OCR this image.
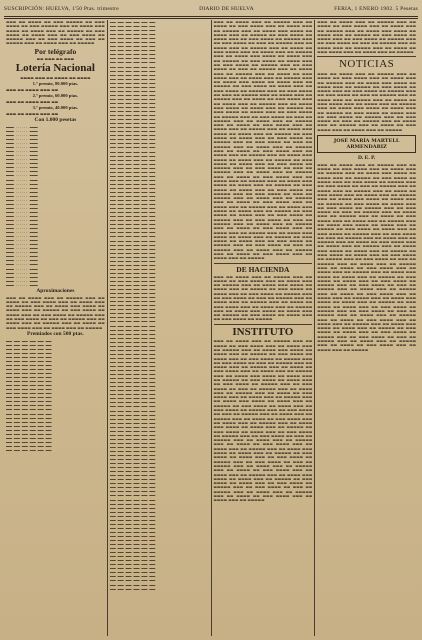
SUSCRIPCIÓN: HUELVA, 1'50 Ptas. trimestre	DIARIO DE HUELVA	FERIA, 1 ENERO 1902. 5 Pesetas
▬▬▬ ▬▬ ▬▬▬▬ ▬▬ ▬▬▬ ▬▬▬▬▬ ▬▬ ▬▬▬ ▬▬▬▬ ▬▬ ▬▬▬ ▬▬▬▬▬ ▬▬▬ ▬▬ ▬▬▬▬ ▬▬▬ ▬▬▬▬ ▬▬ ▬▬▬▬ ▬▬▬ ▬▬ ▬▬▬▬▬ ▬▬ ▬▬▬ ▬▬▬▬ ▬▬ ▬▬▬▬ ▬▬▬ ▬▬ ▬▬▬ ▬▬▬▬ ▬▬ ▬▬▬▬▬ ▬▬▬ ▬▬ ▬▬▬ ▬▬▬▬ ▬▬ ▬▬▬ ▬▬ ▬▬▬▬▬ ▬▬▬ ▬▬ ▬▬▬▬ ▬▬▬ ▬▬ ▬▬▬▬▬
Por telégrafo
▬▬ ▬▬▬ ▬▬ ▬▬▬
Lotería Nacional
▬▬▬▬ ▬▬▬ ▬▬ ▬▬▬▬ ▬▬ ▬▬▬▬
1.º premio, 80.000 ptas.
▬▬▬ ▬▬ ▬▬▬▬ ▬▬▬ ▬▬
2.º premio, 60.000 ptas.
▬▬▬ ▬▬ ▬▬▬▬ ▬▬▬ ▬▬
3.º premio, 40.000 ptas.
▬▬▬ ▬▬ ▬▬▬▬ ▬▬▬ ▬▬
Con 1.000 pesetas
▬▬▬▬ ...... ▬▬▬▬
▬▬▬▬ ...... ▬▬▬▬
▬▬▬▬ ...... ▬▬▬▬
▬▬▬▬ ...... ▬▬▬▬
▬▬▬▬ ...... ▬▬▬▬
▬▬▬▬ ...... ▬▬▬▬
▬▬▬▬ ...... ▬▬▬▬
▬▬▬▬ ...... ▬▬▬▬
▬▬▬▬ ...... ▬▬▬▬
▬▬▬▬ ...... ▬▬▬▬
▬▬▬▬ ...... ▬▬▬▬
▬▬▬▬ ...... ▬▬▬▬
▬▬▬▬ ...... ▬▬▬▬
▬▬▬▬ ...... ▬▬▬▬
▬▬▬▬ ...... ▬▬▬▬
▬▬▬▬ ...... ▬▬▬▬
▬▬▬▬ ...... ▬▬▬▬
▬▬▬▬ ...... ▬▬▬▬
▬▬▬▬ ...... ▬▬▬▬
▬▬▬▬ ...... ▬▬▬▬
▬▬▬▬ ...... ▬▬▬▬
▬▬▬▬ ...... ▬▬▬▬
▬▬▬▬ ...... ▬▬▬▬
▬▬▬▬ ...... ▬▬▬▬
▬▬▬▬ ...... ▬▬▬▬
▬▬▬▬ ...... ▬▬▬▬
▬▬▬▬ ...... ▬▬▬▬
▬▬▬▬ ...... ▬▬▬▬
▬▬▬▬ ...... ▬▬▬▬
▬▬▬▬ ...... ▬▬▬▬
▬▬▬▬ ...... ▬▬▬▬
▬▬▬▬ ...... ▬▬▬▬
▬▬▬▬ ...... ▬▬▬▬
▬▬▬▬ ...... ▬▬▬▬
▬▬▬▬ ...... ▬▬▬▬
▬▬▬▬ ...... ▬▬▬▬
▬▬▬▬ ...... ▬▬▬▬
▬▬▬▬ ...... ▬▬▬▬
▬▬▬▬ ...... ▬▬▬▬
▬▬▬▬ ...... ▬▬▬▬
Aproximaciones
▬▬▬ ▬▬ ▬▬▬▬ ▬▬▬ ▬▬ ▬▬▬▬▬ ▬▬▬ ▬▬ ▬▬▬▬ ▬▬ ▬▬▬ ▬▬▬▬ ▬▬▬ ▬▬ ▬▬▬▬ ▬▬▬ ▬▬ ▬▬▬▬▬ ▬▬▬ ▬▬ ▬▬▬▬ ▬▬▬ ▬▬▬▬ ▬▬ ▬▬▬▬ ▬▬▬ ▬▬ ▬▬▬▬▬ ▬▬ ▬▬▬ ▬▬▬▬ ▬▬ ▬▬▬▬ ▬▬▬ ▬▬ ▬▬▬ ▬▬▬▬ ▬▬ ▬▬▬▬▬ ▬▬▬ ▬▬ ▬▬▬ ▬▬▬▬ ▬▬ ▬▬▬ ▬▬ ▬▬▬▬▬ ▬▬▬ ▬▬ ▬▬▬▬ ▬▬▬ ▬▬ ▬▬▬▬▬ ▬▬▬ ▬▬ ▬▬▬▬ ▬▬ ▬▬▬ ▬▬▬▬ ▬▬▬ ▬▬ ▬▬▬▬ ▬▬▬ ▬▬ ▬▬▬▬▬
Premiados con 500 ptas.
▬▬▬ ▬▬▬ ▬▬▬ ▬▬▬ ▬▬▬ ▬▬▬
▬▬▬ ▬▬▬ ▬▬▬ ▬▬▬ ▬▬▬ ▬▬▬
▬▬▬ ▬▬▬ ▬▬▬ ▬▬▬ ▬▬▬ ▬▬▬
▬▬▬ ▬▬▬ ▬▬▬ ▬▬▬ ▬▬▬ ▬▬▬
▬▬▬ ▬▬▬ ▬▬▬ ▬▬▬ ▬▬▬ ▬▬▬
▬▬▬ ▬▬▬ ▬▬▬ ▬▬▬ ▬▬▬ ▬▬▬
▬▬▬ ▬▬▬ ▬▬▬ ▬▬▬ ▬▬▬ ▬▬▬
▬▬▬ ▬▬▬ ▬▬▬ ▬▬▬ ▬▬▬ ▬▬▬
▬▬▬ ▬▬▬ ▬▬▬ ▬▬▬ ▬▬▬ ▬▬▬
▬▬▬ ▬▬▬ ▬▬▬ ▬▬▬ ▬▬▬ ▬▬▬
▬▬▬ ▬▬▬ ▬▬▬ ▬▬▬ ▬▬▬ ▬▬▬
▬▬▬ ▬▬▬ ▬▬▬ ▬▬▬ ▬▬▬ ▬▬▬
▬▬▬ ▬▬▬ ▬▬▬ ▬▬▬ ▬▬▬ ▬▬▬
▬▬▬ ▬▬▬ ▬▬▬ ▬▬▬ ▬▬▬ ▬▬▬
▬▬▬ ▬▬▬ ▬▬▬ ▬▬▬ ▬▬▬ ▬▬▬
▬▬▬ ▬▬▬ ▬▬▬ ▬▬▬ ▬▬▬ ▬▬▬
▬▬▬ ▬▬▬ ▬▬▬ ▬▬▬ ▬▬▬ ▬▬▬
▬▬▬ ▬▬▬ ▬▬▬ ▬▬▬ ▬▬▬ ▬▬▬
▬▬▬ ▬▬▬ ▬▬▬ ▬▬▬ ▬▬▬ ▬▬▬
▬▬▬ ▬▬▬ ▬▬▬ ▬▬▬ ▬▬▬ ▬▬▬
▬▬▬ ▬▬▬ ▬▬▬ ▬▬▬ ▬▬▬ ▬▬▬
▬▬▬ ▬▬▬ ▬▬▬ ▬▬▬ ▬▬▬ ▬▬▬
▬▬▬ ▬▬▬ ▬▬▬ ▬▬▬ ▬▬▬ ▬▬▬
▬▬▬ ▬▬▬ ▬▬▬ ▬▬▬ ▬▬▬ ▬▬▬
▬▬▬ ▬▬▬ ▬▬▬ ▬▬▬ ▬▬▬ ▬▬▬
▬▬▬ ▬▬▬ ▬▬▬ ▬▬▬ ▬▬▬ ▬▬▬
▬▬▬ ▬▬▬ ▬▬▬ ▬▬▬ ▬▬▬ ▬▬▬
▬▬▬ ▬▬▬ ▬▬▬ ▬▬▬ ▬▬▬ ▬▬▬
▬▬▬ ▬▬▬ ▬▬▬ ▬▬▬ ▬▬▬ ▬▬▬
▬▬▬ ▬▬▬ ▬▬▬ ▬▬▬ ▬▬▬ ▬▬▬
▬▬▬ ▬▬▬ ▬▬▬ ▬▬▬ ▬▬▬ ▬▬▬
▬▬▬ ▬▬▬ ▬▬▬ ▬▬▬ ▬▬▬ ▬▬▬
▬▬▬ ▬▬▬ ▬▬▬ ▬▬▬ ▬▬▬ ▬▬▬
▬▬▬ ▬▬▬ ▬▬▬ ▬▬▬ ▬▬▬ ▬▬▬
▬▬▬ ▬▬▬ ▬▬▬ ▬▬▬ ▬▬▬ ▬▬▬
▬▬▬ ▬▬▬ ▬▬▬ ▬▬▬ ▬▬▬ ▬▬▬
▬▬▬ ▬▬▬ ▬▬▬ ▬▬▬ ▬▬▬ ▬▬▬
▬▬▬ ▬▬▬ ▬▬▬ ▬▬▬ ▬▬▬ ▬▬▬
▬▬▬ ▬▬▬ ▬▬▬ ▬▬▬ ▬▬▬ ▬▬▬
▬▬▬ ▬▬▬ ▬▬▬ ▬▬▬ ▬▬▬ ▬▬▬
▬▬▬ ▬▬▬ ▬▬▬ ▬▬▬ ▬▬▬ ▬▬▬
▬▬▬ ▬▬▬ ▬▬▬ ▬▬▬ ▬▬▬ ▬▬▬
▬▬▬ ▬▬▬ ▬▬▬ ▬▬▬ ▬▬▬ ▬▬▬
▬▬▬ ▬▬▬ ▬▬▬ ▬▬▬ ▬▬▬ ▬▬▬
▬▬▬ ▬▬▬ ▬▬▬ ▬▬▬ ▬▬▬ ▬▬▬
▬▬▬ ▬▬▬ ▬▬▬ ▬▬▬ ▬▬▬ ▬▬▬
▬▬▬ ▬▬▬ ▬▬▬ ▬▬▬ ▬▬▬ ▬▬▬
▬▬▬ ▬▬▬ ▬▬▬ ▬▬▬ ▬▬▬ ▬▬▬
▬▬▬ ▬▬▬ ▬▬▬ ▬▬▬ ▬▬▬ ▬▬▬
▬▬▬ ▬▬▬ ▬▬▬ ▬▬▬ ▬▬▬ ▬▬▬
▬▬▬ ▬▬▬ ▬▬▬ ▬▬▬ ▬▬▬ ▬▬▬
▬▬▬ ▬▬▬ ▬▬▬ ▬▬▬ ▬▬▬ ▬▬▬
▬▬▬ ▬▬▬ ▬▬▬ ▬▬▬ ▬▬▬ ▬▬▬
▬▬▬ ▬▬▬ ▬▬▬ ▬▬▬ ▬▬▬ ▬▬▬
▬▬▬ ▬▬▬ ▬▬▬ ▬▬▬ ▬▬▬ ▬▬▬
▬▬▬ ▬▬▬ ▬▬▬ ▬▬▬ ▬▬▬ ▬▬▬
▬▬▬ ▬▬▬ ▬▬▬ ▬▬▬ ▬▬▬ ▬▬▬
▬▬▬ ▬▬▬ ▬▬▬ ▬▬▬ ▬▬▬ ▬▬▬
▬▬▬ ▬▬▬ ▬▬▬ ▬▬▬ ▬▬▬ ▬▬▬
▬▬▬ ▬▬▬ ▬▬▬ ▬▬▬ ▬▬▬ ▬▬▬
▬▬▬ ▬▬▬ ▬▬▬ ▬▬▬ ▬▬▬ ▬▬▬
▬▬▬ ▬▬▬ ▬▬▬ ▬▬▬ ▬▬▬ ▬▬▬
▬▬▬ ▬▬▬ ▬▬▬ ▬▬▬ ▬▬▬ ▬▬▬
▬▬▬ ▬▬▬ ▬▬▬ ▬▬▬ ▬▬▬ ▬▬▬
▬▬▬ ▬▬▬ ▬▬▬ ▬▬▬ ▬▬▬ ▬▬▬
▬▬▬ ▬▬▬ ▬▬▬ ▬▬▬ ▬▬▬ ▬▬▬
▬▬▬ ▬▬▬ ▬▬▬ ▬▬▬ ▬▬▬ ▬▬▬
▬▬▬ ▬▬▬ ▬▬▬ ▬▬▬ ▬▬▬ ▬▬▬
▬▬▬ ▬▬▬ ▬▬▬ ▬▬▬ ▬▬▬ ▬▬▬
▬▬▬ ▬▬▬ ▬▬▬ ▬▬▬ ▬▬▬ ▬▬▬
▬▬▬ ▬▬▬ ▬▬▬ ▬▬▬ ▬▬▬ ▬▬▬
▬▬▬ ▬▬▬ ▬▬▬ ▬▬▬ ▬▬▬ ▬▬▬
▬▬▬ ▬▬▬ ▬▬▬ ▬▬▬ ▬▬▬ ▬▬▬
▬▬▬ ▬▬▬ ▬▬▬ ▬▬▬ ▬▬▬ ▬▬▬
▬▬▬ ▬▬▬ ▬▬▬ ▬▬▬ ▬▬▬ ▬▬▬
▬▬▬ ▬▬▬ ▬▬▬ ▬▬▬ ▬▬▬ ▬▬▬
▬▬▬ ▬▬▬ ▬▬▬ ▬▬▬ ▬▬▬ ▬▬▬
▬▬▬ ▬▬▬ ▬▬▬ ▬▬▬ ▬▬▬ ▬▬▬
▬▬▬ ▬▬▬ ▬▬▬ ▬▬▬ ▬▬▬ ▬▬▬
▬▬▬ ▬▬▬ ▬▬▬ ▬▬▬ ▬▬▬ ▬▬▬
▬▬▬ ▬▬▬ ▬▬▬ ▬▬▬ ▬▬▬ ▬▬▬
▬▬▬ ▬▬▬ ▬▬▬ ▬▬▬ ▬▬▬ ▬▬▬
▬▬▬ ▬▬▬ ▬▬▬ ▬▬▬ ▬▬▬ ▬▬▬
▬▬▬ ▬▬▬ ▬▬▬ ▬▬▬ ▬▬▬ ▬▬▬
▬▬▬ ▬▬▬ ▬▬▬ ▬▬▬ ▬▬▬ ▬▬▬
▬▬▬ ▬▬▬ ▬▬▬ ▬▬▬ ▬▬▬ ▬▬▬
▬▬▬ ▬▬▬ ▬▬▬ ▬▬▬ ▬▬▬ ▬▬▬
▬▬▬ ▬▬▬ ▬▬▬ ▬▬▬ ▬▬▬ ▬▬▬
▬▬▬ ▬▬▬ ▬▬▬ ▬▬▬ ▬▬▬ ▬▬▬
▬▬▬ ▬▬▬ ▬▬▬ ▬▬▬ ▬▬▬ ▬▬▬
▬▬▬ ▬▬▬ ▬▬▬ ▬▬▬ ▬▬▬ ▬▬▬
▬▬▬ ▬▬▬ ▬▬▬ ▬▬▬ ▬▬▬ ▬▬▬
▬▬▬ ▬▬▬ ▬▬▬ ▬▬▬ ▬▬▬ ▬▬▬
▬▬▬ ▬▬▬ ▬▬▬ ▬▬▬ ▬▬▬ ▬▬▬
▬▬▬ ▬▬▬ ▬▬▬ ▬▬▬ ▬▬▬ ▬▬▬
▬▬▬ ▬▬▬ ▬▬▬ ▬▬▬ ▬▬▬ ▬▬▬
▬▬▬ ▬▬▬ ▬▬▬ ▬▬▬ ▬▬▬ ▬▬▬
▬▬▬ ▬▬▬ ▬▬▬ ▬▬▬ ▬▬▬ ▬▬▬
▬▬▬ ▬▬▬ ▬▬▬ ▬▬▬ ▬▬▬ ▬▬▬
▬▬▬ ▬▬▬ ▬▬▬ ▬▬▬ ▬▬▬ ▬▬▬
▬▬▬ ▬▬▬ ▬▬▬ ▬▬▬ ▬▬▬ ▬▬▬
▬▬▬ ▬▬▬ ▬▬▬ ▬▬▬ ▬▬▬ ▬▬▬
▬▬▬ ▬▬▬ ▬▬▬ ▬▬▬ ▬▬▬ ▬▬▬
▬▬▬ ▬▬▬ ▬▬▬ ▬▬▬ ▬▬▬ ▬▬▬
▬▬▬ ▬▬▬ ▬▬▬ ▬▬▬ ▬▬▬ ▬▬▬
▬▬▬ ▬▬▬ ▬▬▬ ▬▬▬ ▬▬▬ ▬▬▬
▬▬▬ ▬▬▬ ▬▬▬ ▬▬▬ ▬▬▬ ▬▬▬
▬▬▬ ▬▬▬ ▬▬▬ ▬▬▬ ▬▬▬ ▬▬▬
▬▬▬ ▬▬▬ ▬▬▬ ▬▬▬ ▬▬▬ ▬▬▬
▬▬▬ ▬▬▬ ▬▬▬ ▬▬▬ ▬▬▬ ▬▬▬
▬▬▬ ▬▬▬ ▬▬▬ ▬▬▬ ▬▬▬ ▬▬▬
▬▬▬ ▬▬▬ ▬▬▬ ▬▬▬ ▬▬▬ ▬▬▬
▬▬▬ ▬▬▬ ▬▬▬ ▬▬▬ ▬▬▬ ▬▬▬
▬▬▬ ▬▬▬ ▬▬▬ ▬▬▬ ▬▬▬ ▬▬▬
▬▬▬ ▬▬▬ ▬▬▬ ▬▬▬ ▬▬▬ ▬▬▬
▬▬▬ ▬▬▬ ▬▬▬ ▬▬▬ ▬▬▬ ▬▬▬
▬▬▬ ▬▬▬ ▬▬▬ ▬▬▬ ▬▬▬ ▬▬▬
▬▬▬ ▬▬▬ ▬▬▬ ▬▬▬ ▬▬▬ ▬▬▬
▬▬▬ ▬▬▬ ▬▬▬ ▬▬▬ ▬▬▬ ▬▬▬
▬▬▬ ▬▬▬ ▬▬▬ ▬▬▬ ▬▬▬ ▬▬▬
▬▬▬ ▬▬▬ ▬▬▬ ▬▬▬ ▬▬▬ ▬▬▬
▬▬▬ ▬▬▬ ▬▬▬ ▬▬▬ ▬▬▬ ▬▬▬
▬▬▬ ▬▬▬ ▬▬▬ ▬▬▬ ▬▬▬ ▬▬▬
▬▬▬ ▬▬▬ ▬▬▬ ▬▬▬ ▬▬▬ ▬▬▬
▬▬▬ ▬▬▬ ▬▬▬ ▬▬▬ ▬▬▬ ▬▬▬
▬▬▬ ▬▬▬ ▬▬▬ ▬▬▬ ▬▬▬ ▬▬▬
▬▬▬ ▬▬▬ ▬▬▬ ▬▬▬ ▬▬▬ ▬▬▬
▬▬▬ ▬▬▬ ▬▬▬ ▬▬▬ ▬▬▬ ▬▬▬
▬▬▬ ▬▬▬ ▬▬▬ ▬▬▬ ▬▬▬ ▬▬▬
▬▬▬ ▬▬▬ ▬▬▬ ▬▬▬ ▬▬▬ ▬▬▬
▬▬▬ ▬▬▬ ▬▬▬ ▬▬▬ ▬▬▬ ▬▬▬
▬▬▬ ▬▬▬ ▬▬▬ ▬▬▬ ▬▬▬ ▬▬▬
▬▬▬ ▬▬▬ ▬▬▬ ▬▬▬ ▬▬▬ ▬▬▬
▬▬▬ ▬▬▬ ▬▬▬ ▬▬▬ ▬▬▬ ▬▬▬
▬▬▬ ▬▬▬ ▬▬▬ ▬▬▬ ▬▬▬ ▬▬▬
▬▬▬ ▬▬▬ ▬▬▬ ▬▬▬ ▬▬▬ ▬▬▬
▬▬▬ ▬▬▬ ▬▬▬ ▬▬▬ ▬▬▬ ▬▬▬
▬▬▬ ▬▬▬ ▬▬▬ ▬▬▬ ▬▬▬ ▬▬▬
▬▬▬ ▬▬▬ ▬▬▬ ▬▬▬ ▬▬▬ ▬▬▬
▬▬▬ ▬▬▬ ▬▬▬ ▬▬▬ ▬▬▬ ▬▬▬
▬▬▬ ▬▬▬ ▬▬▬ ▬▬▬ ▬▬▬ ▬▬▬
▬▬▬ ▬▬▬ ▬▬▬ ▬▬▬ ▬▬▬ ▬▬▬
▬▬▬ ▬▬▬ ▬▬▬ ▬▬▬ ▬▬▬ ▬▬▬
▬▬▬ ▬▬▬ ▬▬▬ ▬▬▬ ▬▬▬ ▬▬▬
▬▬▬ ▬▬▬ ▬▬▬ ▬▬▬ ▬▬▬ ▬▬▬
▬▬▬ ▬▬▬ ▬▬▬ ▬▬▬ ▬▬▬ ▬▬▬
▬▬▬ ▬▬▬ ▬▬▬ ▬▬▬ ▬▬▬ ▬▬▬
▬▬▬ ▬▬▬ ▬▬▬ ▬▬▬ ▬▬▬ ▬▬▬
▬▬▬ ▬▬▬ ▬▬▬ ▬▬▬ ▬▬▬ ▬▬▬
▬▬▬ ▬▬▬ ▬▬▬ ▬▬▬ ▬▬▬ ▬▬▬
▬▬▬ ▬▬▬ ▬▬▬ ▬▬▬ ▬▬▬ ▬▬▬
▬▬▬ ▬▬▬ ▬▬▬ ▬▬▬ ▬▬▬ ▬▬▬
▬▬▬ ▬▬▬ ▬▬▬ ▬▬▬ ▬▬▬ ▬▬▬
▬▬▬ ▬▬▬ ▬▬▬ ▬▬▬ ▬▬▬ ▬▬▬
▬▬▬ ▬▬▬ ▬▬▬ ▬▬▬ ▬▬▬ ▬▬▬
▬▬▬ ▬▬▬ ▬▬▬ ▬▬▬ ▬▬▬ ▬▬▬
▬▬▬ ▬▬▬ ▬▬▬ ▬▬▬ ▬▬▬ ▬▬▬
▬▬▬ ▬▬▬ ▬▬▬ ▬▬▬ ▬▬▬ ▬▬▬
▬▬▬ ▬▬▬ ▬▬▬ ▬▬▬ ▬▬▬ ▬▬▬
▬▬▬ ▬▬▬ ▬▬▬ ▬▬▬ ▬▬▬ ▬▬▬
▬▬▬ ▬▬▬ ▬▬▬ ▬▬▬ ▬▬▬ ▬▬▬
▬▬▬ ▬▬▬ ▬▬▬ ▬▬▬ ▬▬▬ ▬▬▬
▬▬▬ ▬▬▬ ▬▬▬ ▬▬▬ ▬▬▬ ▬▬▬
▬▬▬ ▬▬▬ ▬▬▬ ▬▬▬ ▬▬▬ ▬▬▬
▬▬▬ ▬▬▬ ▬▬▬ ▬▬▬ ▬▬▬ ▬▬▬
▬▬▬ ▬▬▬ ▬▬▬ ▬▬▬ ▬▬▬ ▬▬▬
▬▬▬ ▬▬▬ ▬▬▬ ▬▬▬ ▬▬▬ ▬▬▬
▬▬▬ ▬▬▬ ▬▬▬ ▬▬▬ ▬▬▬ ▬▬▬
▬▬▬ ▬▬▬ ▬▬▬ ▬▬▬ ▬▬▬ ▬▬▬
▬▬▬ ▬▬ ▬▬▬▬ ▬▬▬ ▬▬ ▬▬▬▬▬ ▬▬▬ ▬▬ ▬▬▬▬ ▬▬ ▬▬▬ ▬▬▬▬ ▬▬▬ ▬▬ ▬▬▬▬ ▬▬▬ ▬▬ ▬▬▬▬▬ ▬▬▬ ▬▬ ▬▬▬▬ ▬▬▬ ▬▬▬▬ ▬▬ ▬▬▬▬ ▬▬▬ ▬▬ ▬▬▬▬▬ ▬▬ ▬▬▬ ▬▬▬▬ ▬▬ ▬▬▬▬ ▬▬▬ ▬▬ ▬▬▬ ▬▬▬▬ ▬▬ ▬▬▬▬▬ ▬▬▬ ▬▬ ▬▬▬ ▬▬▬▬ ▬▬ ▬▬▬ ▬▬ ▬▬▬▬▬ ▬▬▬ ▬▬ ▬▬▬▬ ▬▬▬ ▬▬ ▬▬▬▬▬ ▬▬▬ ▬▬ ▬▬▬▬ ▬▬ ▬▬▬ ▬▬▬▬ ▬▬▬ ▬▬ ▬▬▬▬ ▬▬▬ ▬▬ ▬▬▬▬▬ ▬▬▬ ▬▬ ▬▬▬▬ ▬▬▬ ▬▬▬▬ ▬▬ ▬▬▬▬ ▬▬▬ ▬▬ ▬▬▬▬▬ ▬▬ ▬▬▬ ▬▬▬▬ ▬▬ ▬▬▬▬ ▬▬▬ ▬▬ ▬▬▬ ▬▬▬▬ ▬▬ ▬▬▬▬▬ ▬▬▬ ▬▬ ▬▬▬ ▬▬▬▬ ▬▬ ▬▬▬ ▬▬ ▬▬▬▬▬ ▬▬▬ ▬▬ ▬▬▬▬ ▬▬▬ ▬▬ ▬▬▬▬▬ ▬▬▬ ▬▬ ▬▬▬▬ ▬▬ ▬▬▬ ▬▬▬▬ ▬▬▬ ▬▬ ▬▬▬▬ ▬▬▬ ▬▬ ▬▬▬▬▬ ▬▬▬ ▬▬ ▬▬▬▬ ▬▬▬ ▬▬▬▬ ▬▬ ▬▬▬▬ ▬▬▬ ▬▬ ▬▬▬▬▬ ▬▬ ▬▬▬ ▬▬▬▬ ▬▬ ▬▬▬▬ ▬▬▬ ▬▬ ▬▬▬ ▬▬▬▬ ▬▬ ▬▬▬▬▬ ▬▬▬ ▬▬ ▬▬▬ ▬▬▬▬ ▬▬ ▬▬▬ ▬▬ ▬▬▬▬▬ ▬▬▬ ▬▬ ▬▬▬▬ ▬▬▬ ▬▬ ▬▬▬▬▬ ▬▬▬ ▬▬ ▬▬▬▬ ▬▬ ▬▬▬ ▬▬▬▬ ▬▬▬ ▬▬ ▬▬▬▬ ▬▬▬ ▬▬ ▬▬▬▬▬ ▬▬▬ ▬▬ ▬▬▬▬ ▬▬▬ ▬▬▬▬ ▬▬ ▬▬▬▬ ▬▬▬ ▬▬ ▬▬▬▬▬ ▬▬ ▬▬▬ ▬▬▬▬ ▬▬ ▬▬▬▬ ▬▬▬ ▬▬ ▬▬▬ ▬▬▬▬ ▬▬ ▬▬▬▬▬ ▬▬▬ ▬▬ ▬▬▬ ▬▬▬▬ ▬▬ ▬▬▬ ▬▬ ▬▬▬▬▬ ▬▬▬ ▬▬ ▬▬▬▬ ▬▬▬ ▬▬ ▬▬▬▬▬ ▬▬▬ ▬▬ ▬▬▬▬ ▬▬ ▬▬▬ ▬▬▬▬ ▬▬▬ ▬▬ ▬▬▬▬ ▬▬▬ ▬▬ ▬▬▬▬▬ ▬▬▬ ▬▬ ▬▬▬▬ ▬▬▬ ▬▬▬▬ ▬▬ ▬▬▬▬ ▬▬▬ ▬▬ ▬▬▬▬▬ ▬▬ ▬▬▬ ▬▬▬▬ ▬▬ ▬▬▬▬ ▬▬▬ ▬▬ ▬▬▬ ▬▬▬▬ ▬▬ ▬▬▬▬▬ ▬▬▬ ▬▬ ▬▬▬ ▬▬▬▬ ▬▬ ▬▬▬ ▬▬ ▬▬▬▬▬ ▬▬▬ ▬▬ ▬▬▬▬ ▬▬▬ ▬▬ ▬▬▬▬▬ ▬▬▬ ▬▬ ▬▬▬▬ ▬▬ ▬▬▬ ▬▬▬▬ ▬▬▬ ▬▬ ▬▬▬▬ ▬▬▬ ▬▬ ▬▬▬▬▬ ▬▬▬ ▬▬ ▬▬▬▬ ▬▬▬ ▬▬▬▬ ▬▬ ▬▬▬▬ ▬▬▬ ▬▬ ▬▬▬▬▬ ▬▬ ▬▬▬ ▬▬▬▬ ▬▬ ▬▬▬▬ ▬▬▬ ▬▬ ▬▬▬ ▬▬▬▬ ▬▬ ▬▬▬▬▬ ▬▬▬ ▬▬ ▬▬▬ ▬▬▬▬ ▬▬ ▬▬▬ ▬▬ ▬▬▬▬▬ ▬▬▬ ▬▬ ▬▬▬▬ ▬▬▬ ▬▬ ▬▬▬▬▬ ▬▬▬ ▬▬ ▬▬▬▬ ▬▬ ▬▬▬ ▬▬▬▬ ▬▬▬ ▬▬ ▬▬▬▬ ▬▬▬ ▬▬ ▬▬▬▬▬ ▬▬▬ ▬▬ ▬▬▬▬ ▬▬▬ ▬▬▬▬ ▬▬ ▬▬▬▬ ▬▬▬ ▬▬ ▬▬▬▬▬ ▬▬ ▬▬▬ ▬▬▬▬ ▬▬ ▬▬▬▬ ▬▬▬ ▬▬ ▬▬▬ ▬▬▬▬ ▬▬ ▬▬▬▬▬ ▬▬▬ ▬▬ ▬▬▬ ▬▬▬▬ ▬▬ ▬▬▬ ▬▬ ▬▬▬▬▬ ▬▬▬ ▬▬ ▬▬▬▬ ▬▬▬ ▬▬ ▬▬▬▬▬ ▬▬▬ ▬▬ ▬▬▬▬ ▬▬ ▬▬▬ ▬▬▬▬ ▬▬▬ ▬▬ ▬▬▬▬ ▬▬▬ ▬▬ ▬▬▬▬▬ ▬▬▬ ▬▬ ▬▬▬▬ ▬▬▬ ▬▬▬▬ ▬▬ ▬▬▬▬ ▬▬▬ ▬▬ ▬▬▬▬▬ ▬▬ ▬▬▬ ▬▬▬▬ ▬▬ ▬▬▬▬ ▬▬▬ ▬▬ ▬▬▬ ▬▬▬▬ ▬▬ ▬▬▬▬▬ ▬▬▬ ▬▬ ▬▬▬ ▬▬▬▬ ▬▬ ▬▬▬ ▬▬ ▬▬▬▬▬ ▬▬▬ ▬▬ ▬▬▬▬ ▬▬▬ ▬▬ ▬▬▬▬▬ ▬▬▬ ▬▬ ▬▬▬▬ ▬▬ ▬▬▬ ▬▬▬▬ ▬▬▬ ▬▬ ▬▬▬▬ ▬▬▬ ▬▬ ▬▬▬▬▬ ▬▬▬ ▬▬ ▬▬▬▬ ▬▬▬ ▬▬▬▬ ▬▬ ▬▬▬▬ ▬▬▬ ▬▬ ▬▬▬▬▬ ▬▬ ▬▬▬ ▬▬▬▬ ▬▬ ▬▬▬▬ ▬▬▬ ▬▬ ▬▬▬ ▬▬▬▬ ▬▬ ▬▬▬▬▬ ▬▬▬ ▬▬ ▬▬▬ ▬▬▬▬ ▬▬ ▬▬▬ ▬▬ ▬▬▬▬▬ ▬▬▬ ▬▬ ▬▬▬▬ ▬▬▬ ▬▬ ▬▬▬▬▬ ▬▬▬ ▬▬ ▬▬▬▬ ▬▬ ▬▬▬ ▬▬▬▬ ▬▬▬ ▬▬ ▬▬▬▬ ▬▬▬ ▬▬ ▬▬▬▬▬
DE HACIENDA
▬▬▬ ▬▬ ▬▬▬▬ ▬▬▬ ▬▬ ▬▬▬▬▬ ▬▬▬ ▬▬ ▬▬▬▬ ▬▬ ▬▬▬ ▬▬▬▬ ▬▬▬ ▬▬ ▬▬▬▬ ▬▬▬ ▬▬ ▬▬▬▬▬ ▬▬▬ ▬▬ ▬▬▬▬ ▬▬▬ ▬▬▬▬ ▬▬ ▬▬▬▬ ▬▬▬ ▬▬ ▬▬▬▬▬ ▬▬ ▬▬▬ ▬▬▬▬ ▬▬ ▬▬▬▬ ▬▬▬ ▬▬ ▬▬▬ ▬▬▬▬ ▬▬ ▬▬▬▬▬ ▬▬▬ ▬▬ ▬▬▬ ▬▬▬▬ ▬▬ ▬▬▬ ▬▬ ▬▬▬▬▬ ▬▬▬ ▬▬ ▬▬▬▬ ▬▬▬ ▬▬ ▬▬▬▬▬ ▬▬▬ ▬▬ ▬▬▬▬ ▬▬ ▬▬▬ ▬▬▬▬ ▬▬▬ ▬▬ ▬▬▬▬ ▬▬▬ ▬▬ ▬▬▬▬▬ ▬▬▬ ▬▬ ▬▬▬▬ ▬▬▬ ▬▬▬▬ ▬▬ ▬▬▬▬ ▬▬▬ ▬▬ ▬▬▬▬▬ ▬▬ ▬▬▬ ▬▬▬▬ ▬▬ ▬▬▬▬ ▬▬▬ ▬▬ ▬▬▬ ▬▬▬▬ ▬▬ ▬▬▬▬▬
INSTITUTO
▬▬▬ ▬▬ ▬▬▬▬ ▬▬▬ ▬▬ ▬▬▬▬▬ ▬▬▬ ▬▬ ▬▬▬▬ ▬▬ ▬▬▬ ▬▬▬▬ ▬▬▬ ▬▬ ▬▬▬▬ ▬▬▬ ▬▬ ▬▬▬▬▬ ▬▬▬ ▬▬ ▬▬▬▬ ▬▬▬ ▬▬▬▬ ▬▬ ▬▬▬▬ ▬▬▬ ▬▬ ▬▬▬▬▬ ▬▬ ▬▬▬ ▬▬▬▬ ▬▬ ▬▬▬▬ ▬▬▬ ▬▬ ▬▬▬ ▬▬▬▬ ▬▬ ▬▬▬▬▬ ▬▬▬ ▬▬ ▬▬▬ ▬▬▬▬ ▬▬ ▬▬▬ ▬▬ ▬▬▬▬▬ ▬▬▬ ▬▬ ▬▬▬▬ ▬▬▬ ▬▬ ▬▬▬▬▬ ▬▬▬ ▬▬ ▬▬▬▬ ▬▬ ▬▬▬ ▬▬▬▬ ▬▬▬ ▬▬ ▬▬▬▬ ▬▬▬ ▬▬ ▬▬▬▬▬ ▬▬▬ ▬▬ ▬▬▬▬ ▬▬▬ ▬▬▬▬ ▬▬ ▬▬▬▬ ▬▬▬ ▬▬ ▬▬▬▬▬ ▬▬ ▬▬▬ ▬▬▬▬ ▬▬ ▬▬▬▬ ▬▬▬ ▬▬ ▬▬▬ ▬▬▬▬ ▬▬ ▬▬▬▬▬ ▬▬▬ ▬▬ ▬▬▬ ▬▬▬▬ ▬▬ ▬▬▬ ▬▬ ▬▬▬▬▬ ▬▬▬ ▬▬ ▬▬▬▬ ▬▬▬ ▬▬ ▬▬▬▬▬ ▬▬▬ ▬▬ ▬▬▬▬ ▬▬ ▬▬▬ ▬▬▬▬ ▬▬▬ ▬▬ ▬▬▬▬ ▬▬▬ ▬▬ ▬▬▬▬▬ ▬▬▬ ▬▬ ▬▬▬▬ ▬▬▬ ▬▬▬▬ ▬▬ ▬▬▬▬ ▬▬▬ ▬▬ ▬▬▬▬▬ ▬▬ ▬▬▬ ▬▬▬▬ ▬▬ ▬▬▬▬ ▬▬▬ ▬▬ ▬▬▬ ▬▬▬▬ ▬▬ ▬▬▬▬▬ ▬▬▬ ▬▬ ▬▬▬ ▬▬▬▬ ▬▬ ▬▬▬ ▬▬ ▬▬▬▬▬ ▬▬▬ ▬▬ ▬▬▬▬ ▬▬▬ ▬▬ ▬▬▬▬▬ ▬▬▬ ▬▬ ▬▬▬▬ ▬▬ ▬▬▬ ▬▬▬▬ ▬▬▬ ▬▬ ▬▬▬▬ ▬▬▬ ▬▬ ▬▬▬▬▬ ▬▬▬ ▬▬ ▬▬▬▬ ▬▬▬ ▬▬▬▬ ▬▬ ▬▬▬▬ ▬▬▬ ▬▬ ▬▬▬▬▬ ▬▬ ▬▬▬ ▬▬▬▬ ▬▬ ▬▬▬▬ ▬▬▬ ▬▬ ▬▬▬ ▬▬▬▬ ▬▬ ▬▬▬▬▬ ▬▬▬ ▬▬ ▬▬▬ ▬▬▬▬ ▬▬ ▬▬▬ ▬▬ ▬▬▬▬▬ ▬▬▬ ▬▬ ▬▬▬▬ ▬▬▬ ▬▬ ▬▬▬▬▬ ▬▬▬ ▬▬ ▬▬▬▬ ▬▬ ▬▬▬ ▬▬▬▬ ▬▬▬ ▬▬ ▬▬▬▬ ▬▬▬ ▬▬ ▬▬▬▬▬ ▬▬▬ ▬▬ ▬▬▬▬ ▬▬▬ ▬▬▬▬ ▬▬ ▬▬▬▬ ▬▬▬ ▬▬ ▬▬▬▬▬ ▬▬ ▬▬▬ ▬▬▬▬ ▬▬ ▬▬▬▬ ▬▬▬ ▬▬ ▬▬▬ ▬▬▬▬ ▬▬ ▬▬▬▬▬ ▬▬▬ ▬▬ ▬▬▬ ▬▬▬▬ ▬▬ ▬▬▬ ▬▬ ▬▬▬▬▬ ▬▬▬ ▬▬ ▬▬▬▬ ▬▬▬ ▬▬ ▬▬▬▬▬ ▬▬▬ ▬▬ ▬▬▬▬ ▬▬ ▬▬▬ ▬▬▬▬ ▬▬▬ ▬▬ ▬▬▬▬ ▬▬▬ ▬▬ ▬▬▬▬▬ ▬▬▬ ▬▬ ▬▬▬▬ ▬▬▬ ▬▬▬▬ ▬▬ ▬▬▬▬ ▬▬▬ ▬▬ ▬▬▬▬▬ ▬▬ ▬▬▬ ▬▬▬▬ ▬▬ ▬▬▬▬ ▬▬▬ ▬▬ ▬▬▬ ▬▬▬▬ ▬▬ ▬▬▬▬▬ ▬▬▬ ▬▬ ▬▬▬ ▬▬▬▬ ▬▬ ▬▬▬ ▬▬ ▬▬▬▬▬ ▬▬▬ ▬▬ ▬▬▬▬ ▬▬▬ ▬▬ ▬▬▬▬▬ ▬▬▬ ▬▬ ▬▬▬▬ ▬▬ ▬▬▬ ▬▬▬▬ ▬▬▬ ▬▬ ▬▬▬▬ ▬▬▬ ▬▬ ▬▬▬▬▬
▬▬▬ ▬▬ ▬▬▬▬ ▬▬▬ ▬▬ ▬▬▬▬▬ ▬▬▬ ▬▬ ▬▬▬▬ ▬▬ ▬▬▬ ▬▬▬▬ ▬▬▬ ▬▬ ▬▬▬▬ ▬▬▬ ▬▬ ▬▬▬▬▬ ▬▬▬ ▬▬ ▬▬▬▬ ▬▬▬ ▬▬▬▬ ▬▬ ▬▬▬▬ ▬▬▬ ▬▬ ▬▬▬▬▬ ▬▬ ▬▬▬ ▬▬▬▬ ▬▬ ▬▬▬▬ ▬▬▬ ▬▬ ▬▬▬ ▬▬▬▬ ▬▬ ▬▬▬▬▬ ▬▬▬ ▬▬ ▬▬▬ ▬▬▬▬ ▬▬ ▬▬▬ ▬▬ ▬▬▬▬▬ ▬▬▬ ▬▬ ▬▬▬▬ ▬▬▬ ▬▬ ▬▬▬▬▬ ▬▬▬ ▬▬ ▬▬▬▬ ▬▬ ▬▬▬ ▬▬▬▬ ▬▬▬ ▬▬ ▬▬▬▬ ▬▬▬ ▬▬ ▬▬▬▬▬
NOTICIAS
▬▬▬ ▬▬ ▬▬▬▬ ▬▬▬ ▬▬ ▬▬▬▬▬ ▬▬▬ ▬▬ ▬▬▬▬ ▬▬ ▬▬▬ ▬▬▬▬ ▬▬▬ ▬▬ ▬▬▬▬ ▬▬▬ ▬▬ ▬▬▬▬▬ ▬▬▬ ▬▬ ▬▬▬▬ ▬▬▬ ▬▬▬▬ ▬▬ ▬▬▬▬ ▬▬▬ ▬▬ ▬▬▬▬▬ ▬▬ ▬▬▬ ▬▬▬▬ ▬▬ ▬▬▬▬ ▬▬▬ ▬▬ ▬▬▬ ▬▬▬▬ ▬▬ ▬▬▬▬▬ ▬▬▬ ▬▬ ▬▬▬ ▬▬▬▬ ▬▬ ▬▬▬ ▬▬ ▬▬▬▬▬ ▬▬▬ ▬▬ ▬▬▬▬ ▬▬▬ ▬▬ ▬▬▬▬▬ ▬▬▬ ▬▬ ▬▬▬▬ ▬▬ ▬▬▬ ▬▬▬▬ ▬▬▬ ▬▬ ▬▬▬▬ ▬▬▬ ▬▬ ▬▬▬▬▬ ▬▬▬ ▬▬ ▬▬▬▬ ▬▬▬ ▬▬▬▬ ▬▬ ▬▬▬▬ ▬▬▬ ▬▬ ▬▬▬▬▬ ▬▬ ▬▬▬ ▬▬▬▬ ▬▬ ▬▬▬▬ ▬▬▬ ▬▬ ▬▬▬ ▬▬▬▬ ▬▬ ▬▬▬▬▬ ▬▬▬ ▬▬ ▬▬▬ ▬▬▬▬ ▬▬ ▬▬▬ ▬▬ ▬▬▬▬▬ ▬▬▬ ▬▬ ▬▬▬▬ ▬▬▬ ▬▬ ▬▬▬▬▬ ▬▬▬ ▬▬ ▬▬▬▬ ▬▬ ▬▬▬ ▬▬▬▬ ▬▬▬ ▬▬ ▬▬▬▬ ▬▬▬ ▬▬ ▬▬▬▬▬
JOSÉ MARÍA MARTELL ARMENDÁRIZ
D. E. P.
▬▬▬ ▬▬ ▬▬▬▬ ▬▬▬ ▬▬ ▬▬▬▬▬ ▬▬▬ ▬▬ ▬▬▬▬ ▬▬ ▬▬▬ ▬▬▬▬ ▬▬▬ ▬▬ ▬▬▬▬ ▬▬▬ ▬▬ ▬▬▬▬▬ ▬▬▬ ▬▬ ▬▬▬▬ ▬▬▬ ▬▬▬▬ ▬▬ ▬▬▬▬ ▬▬▬ ▬▬ ▬▬▬▬▬ ▬▬ ▬▬▬ ▬▬▬▬ ▬▬ ▬▬▬▬ ▬▬▬ ▬▬ ▬▬▬ ▬▬▬▬ ▬▬ ▬▬▬▬▬ ▬▬▬ ▬▬ ▬▬▬ ▬▬▬▬ ▬▬ ▬▬▬ ▬▬ ▬▬▬▬▬ ▬▬▬ ▬▬ ▬▬▬▬ ▬▬▬ ▬▬ ▬▬▬▬▬ ▬▬▬ ▬▬ ▬▬▬▬ ▬▬ ▬▬▬ ▬▬▬▬ ▬▬▬ ▬▬ ▬▬▬▬ ▬▬▬ ▬▬ ▬▬▬▬▬ ▬▬▬ ▬▬ ▬▬▬▬ ▬▬▬ ▬▬▬▬ ▬▬ ▬▬▬▬ ▬▬▬ ▬▬ ▬▬▬▬▬ ▬▬ ▬▬▬ ▬▬▬▬ ▬▬ ▬▬▬▬ ▬▬▬ ▬▬ ▬▬▬ ▬▬▬▬ ▬▬ ▬▬▬▬▬ ▬▬▬ ▬▬ ▬▬▬ ▬▬▬▬ ▬▬ ▬▬▬ ▬▬ ▬▬▬▬▬ ▬▬▬ ▬▬ ▬▬▬▬ ▬▬▬ ▬▬ ▬▬▬▬▬ ▬▬▬ ▬▬ ▬▬▬▬ ▬▬ ▬▬▬ ▬▬▬▬ ▬▬▬ ▬▬ ▬▬▬▬ ▬▬▬ ▬▬ ▬▬▬▬▬ ▬▬▬ ▬▬ ▬▬▬▬ ▬▬▬ ▬▬▬▬ ▬▬ ▬▬▬▬ ▬▬▬ ▬▬ ▬▬▬▬▬ ▬▬ ▬▬▬ ▬▬▬▬ ▬▬ ▬▬▬▬ ▬▬▬ ▬▬ ▬▬▬ ▬▬▬▬ ▬▬ ▬▬▬▬▬ ▬▬▬ ▬▬ ▬▬▬ ▬▬▬▬ ▬▬ ▬▬▬ ▬▬ ▬▬▬▬▬ ▬▬▬ ▬▬ ▬▬▬▬ ▬▬▬ ▬▬ ▬▬▬▬▬ ▬▬▬ ▬▬ ▬▬▬▬ ▬▬ ▬▬▬ ▬▬▬▬ ▬▬▬ ▬▬ ▬▬▬▬ ▬▬▬ ▬▬ ▬▬▬▬▬ ▬▬▬ ▬▬ ▬▬▬▬ ▬▬▬ ▬▬▬▬ ▬▬ ▬▬▬▬ ▬▬▬ ▬▬ ▬▬▬▬▬ ▬▬ ▬▬▬ ▬▬▬▬ ▬▬ ▬▬▬▬ ▬▬▬ ▬▬ ▬▬▬ ▬▬▬▬ ▬▬ ▬▬▬▬▬ ▬▬▬ ▬▬ ▬▬▬ ▬▬▬▬ ▬▬ ▬▬▬ ▬▬ ▬▬▬▬▬ ▬▬▬ ▬▬ ▬▬▬▬ ▬▬▬ ▬▬ ▬▬▬▬▬ ▬▬▬ ▬▬ ▬▬▬▬ ▬▬ ▬▬▬ ▬▬▬▬ ▬▬▬ ▬▬ ▬▬▬▬ ▬▬▬ ▬▬ ▬▬▬▬▬ ▬▬▬ ▬▬ ▬▬▬▬ ▬▬▬ ▬▬▬▬ ▬▬ ▬▬▬▬ ▬▬▬ ▬▬ ▬▬▬▬▬ ▬▬ ▬▬▬ ▬▬▬▬ ▬▬ ▬▬▬▬ ▬▬▬ ▬▬ ▬▬▬ ▬▬▬▬ ▬▬ ▬▬▬▬▬ ▬▬▬ ▬▬ ▬▬▬ ▬▬▬▬ ▬▬ ▬▬▬ ▬▬ ▬▬▬▬▬ ▬▬▬ ▬▬ ▬▬▬▬ ▬▬▬ ▬▬ ▬▬▬▬▬ ▬▬▬ ▬▬ ▬▬▬▬ ▬▬ ▬▬▬ ▬▬▬▬ ▬▬▬ ▬▬ ▬▬▬▬ ▬▬▬ ▬▬ ▬▬▬▬▬ ▬▬▬ ▬▬ ▬▬▬▬ ▬▬▬ ▬▬▬▬ ▬▬ ▬▬▬▬ ▬▬▬ ▬▬ ▬▬▬▬▬ ▬▬ ▬▬▬ ▬▬▬▬ ▬▬ ▬▬▬▬ ▬▬▬ ▬▬ ▬▬▬ ▬▬▬▬ ▬▬ ▬▬▬▬▬ ▬▬▬ ▬▬ ▬▬▬ ▬▬▬▬ ▬▬ ▬▬▬ ▬▬ ▬▬▬▬▬ ▬▬▬ ▬▬ ▬▬▬▬ ▬▬▬ ▬▬ ▬▬▬▬▬ ▬▬▬ ▬▬ ▬▬▬▬ ▬▬ ▬▬▬ ▬▬▬▬ ▬▬▬ ▬▬ ▬▬▬▬ ▬▬▬ ▬▬ ▬▬▬▬▬ ▬▬▬ ▬▬ ▬▬▬▬ ▬▬▬ ▬▬▬▬ ▬▬ ▬▬▬▬ ▬▬▬ ▬▬ ▬▬▬▬▬ ▬▬ ▬▬▬ ▬▬▬▬ ▬▬ ▬▬▬▬ ▬▬▬ ▬▬ ▬▬▬ ▬▬▬▬ ▬▬ ▬▬▬▬▬ ▬▬▬ ▬▬ ▬▬▬ ▬▬▬▬ ▬▬ ▬▬▬ ▬▬ ▬▬▬▬▬ ▬▬▬ ▬▬ ▬▬▬▬ ▬▬▬ ▬▬ ▬▬▬▬▬ ▬▬▬ ▬▬ ▬▬▬▬ ▬▬ ▬▬▬ ▬▬▬▬ ▬▬▬ ▬▬ ▬▬▬▬ ▬▬▬ ▬▬ ▬▬▬▬▬
